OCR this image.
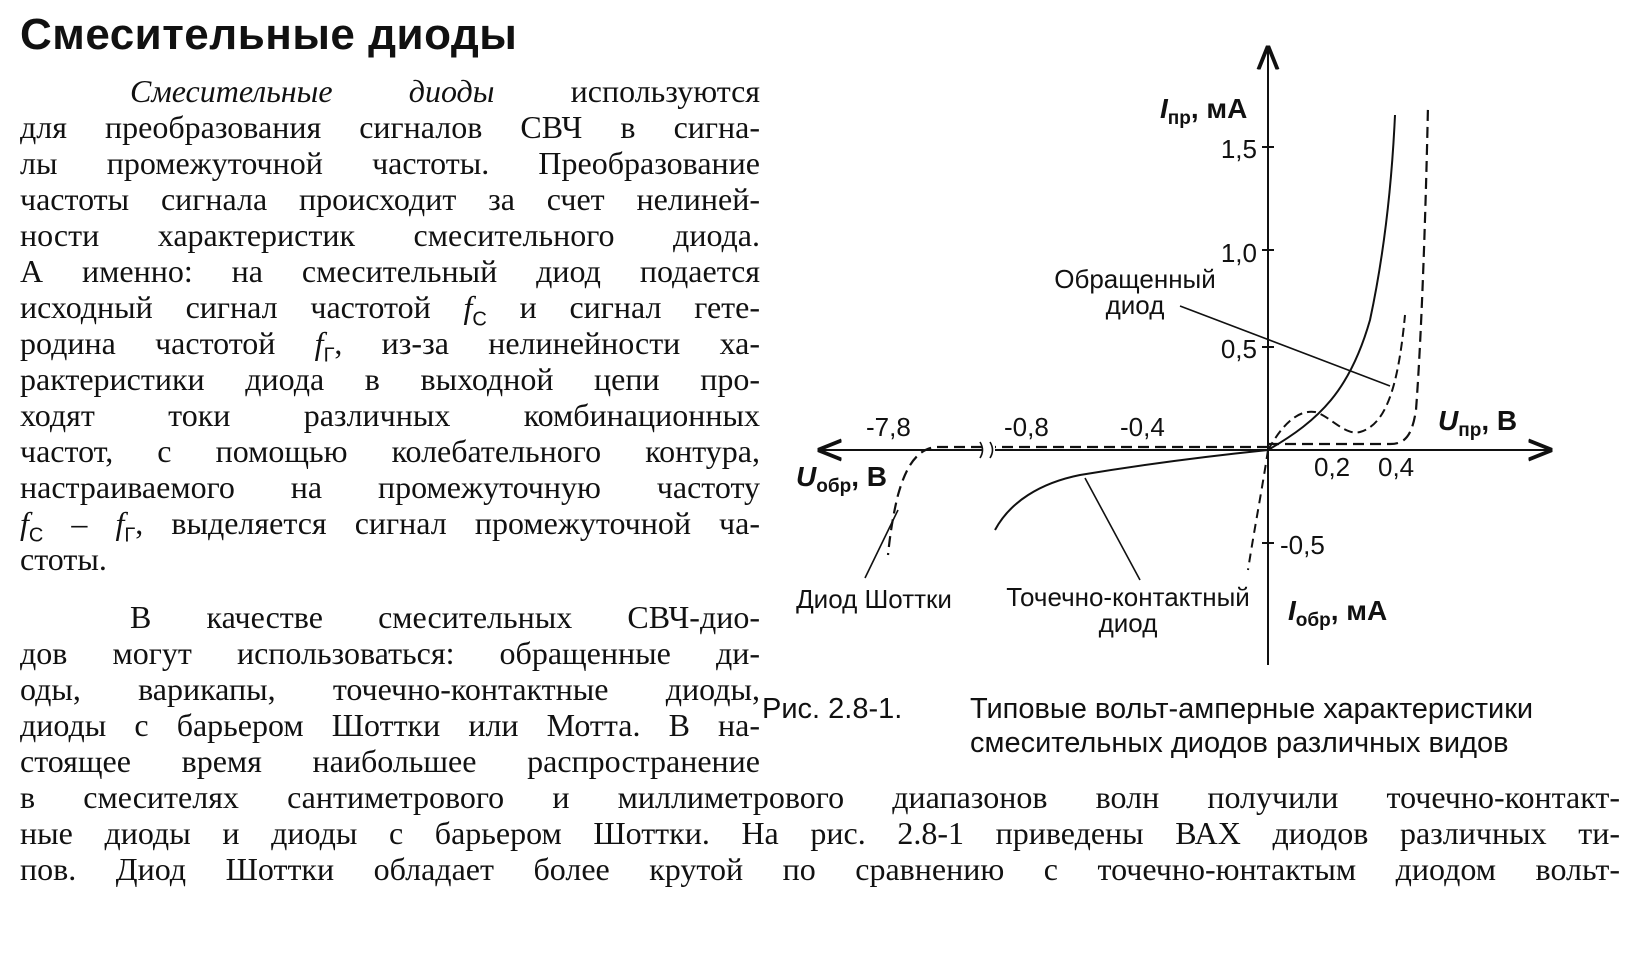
Смесительные диоды
Смесительные диоды используются
для преобразования сигналов СВЧ в сигна-
лы промежуточной частоты. Преобразование
частоты сигнала происходит за счет нелиней-
ности характеристик смесительного диода.
А именно: на смесительный диод подается
исходный сигнал частотой $f_C$ и сигнал гете-
родина частотой $f_Г$, из-за нелинейности ха-
рактеристики диода в выходной цепи про-
ходят токи различных комбинационных
частот, с помощью колебательного контура,
настраиваемого на промежуточную частоту
$f_C - f_Г$, выделяется сигнал промежуточной ча-
стоты.
В качестве смесительных СВЧ-дио-
дов могут использоваться: обращенные ди-
оды, варикапы, точечно-контактные диоды,
диоды с барьером Шоттки или Мотта. В на-
стоящее время наибольшее распространение
в смесителях сантиметрового и миллиметрового диапазонов волн получили точечно-контакт-
ные диоды и диоды с барьером Шоттки. На рис. 2.8-1 приведены ВАХ диодов различных ти-
пов. Диод Шоттки обладает более крутой по сравнению с точечно-юнтактым диодом вольт-
0,5
1,0
1,5
-0,5
0,2 0,4
-7,8	-0,8	-0,4
$I_{пр}$, мА
$I_{обр}$, мА
$U_{пр}$, В
$U_{обр}$, В
Обращенный
диод
Диод Шоттки Точечно-контактный
диод
Рис. 2.8-1. Типовые вольт-амперные характеристики
смесительных диодов различных видов
